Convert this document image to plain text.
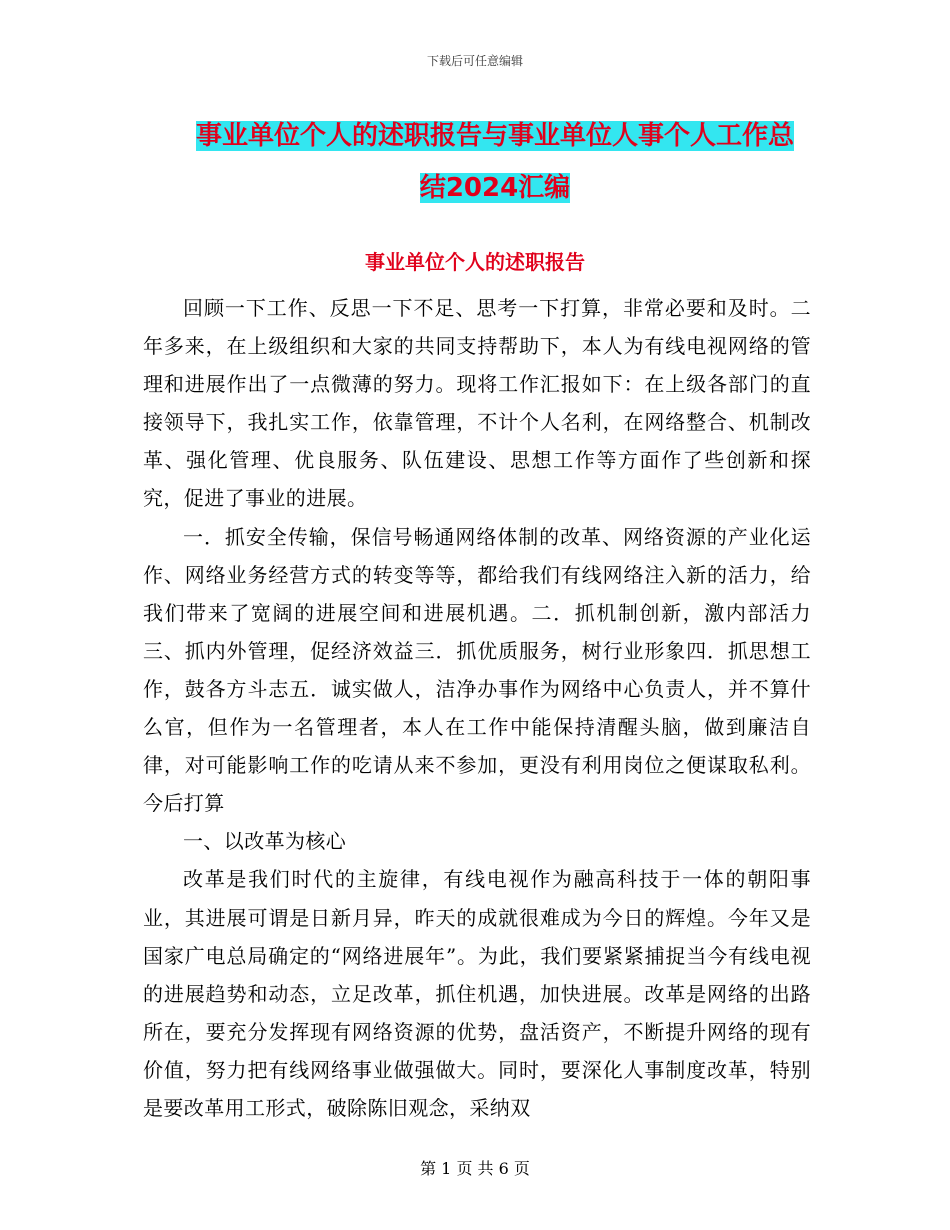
下载后可任意编辑
事业单位个人的述职报告与事业单位人事个人工作总
结2024汇编
事业单位个人的述职报告

回顾一下工作、反思一下不足、思考一下打算，非常必要和及时。二年多来，在上级组织和大家的共同支持帮助下，本人为有线电视网络的管理和进展作出了一点微薄的努力。现将工作汇报如下：在上级各部门的直接领导下，我扎实工作，依靠管理，不计个人名利，在网络整合、机制改革、强化管理、优良服务、队伍建设、思想工作等方面作了些创新和探究，促进了事业的进展。

一．抓安全传输，保信号畅通网络体制的改革、网络资源的产业化运作、网络业务经营方式的转变等等，都给我们有线网络注入新的活力，给我们带来了宽阔的进展空间和进展机遇。二．抓机制创新，激内部活力三、抓内外管理，促经济效益三．抓优质服务，树行业形象四．抓思想工作，鼓各方斗志五．诚实做人，洁净办事作为网络中心负责人，并不算什么官，但作为一名管理者，本人在工作中能保持清醒头脑，做到廉洁自律，对可能影响工作的吃请从来不参加，更没有利用岗位之便谋取私利。今后打算

一、以改革为核心

改革是我们时代的主旋律，有线电视作为融高科技于一体的朝阳事业，其进展可谓是日新月异，昨天的成就很难成为今日的辉煌。今年又是国家广电总局确定的“网络进展年”。为此，我们要紧紧捕捉当今有线电视的进展趋势和动态，立足改革，抓住机遇，加快进展。改革是网络的出路所在，要充分发挥现有网络资源的优势，盘活资产，不断提升网络的现有价值，努力把有线网络事业做强做大。同时，要深化人事制度改革，特别是要改革用工形式，破除陈旧观念，采纳双

第 1 页 共 6 页
